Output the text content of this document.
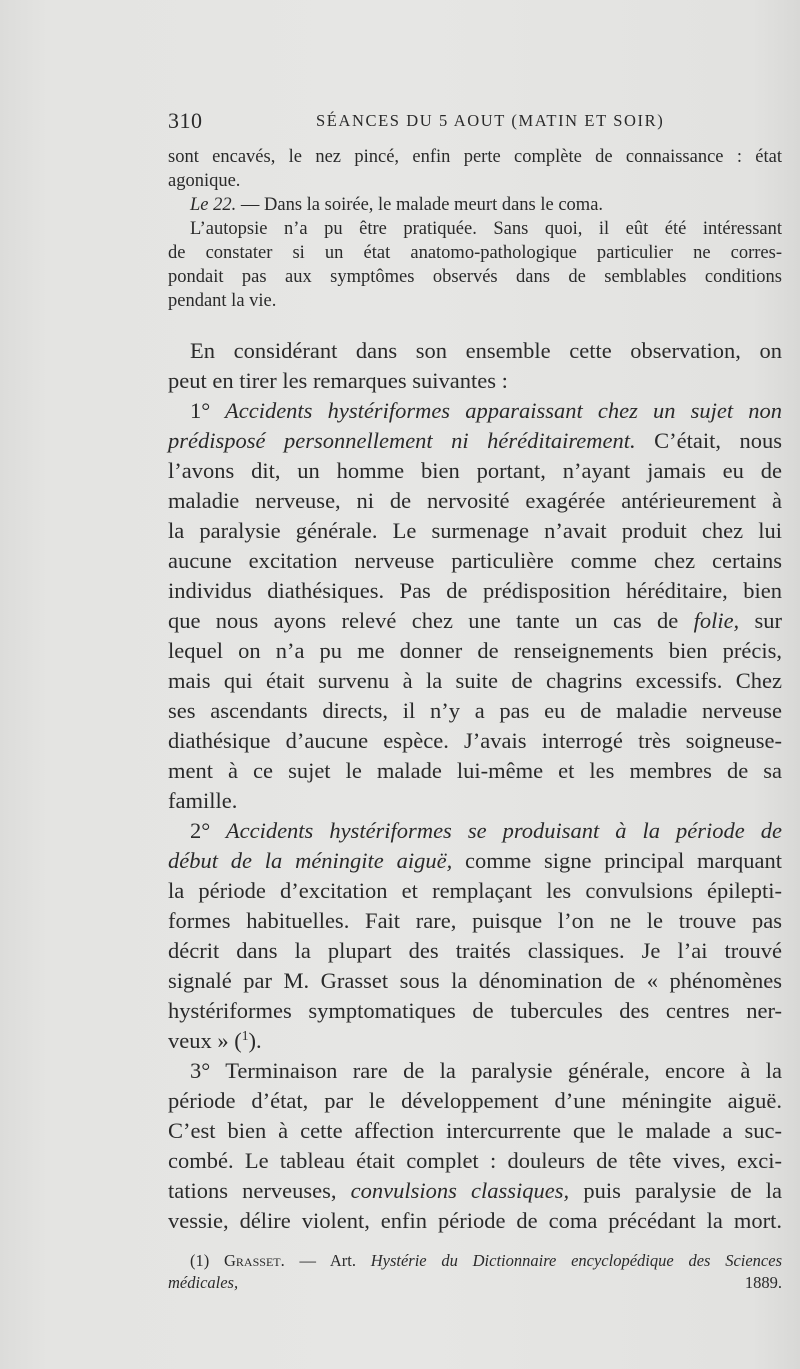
310	SÉANCES DU 5 AOUT (MATIN ET SOIR)
sont encavés, le nez pincé, enfin perte complète de connaissance : état
agonique.
Le 22. — Dans la soirée, le malade meurt dans le coma.
L’autopsie n’a pu être pratiquée. Sans quoi, il eût été intéressant
de constater si un état anatomo-pathologique particulier ne corres-
pondait pas aux symptômes observés dans de semblables conditions
pendant la vie.
En considérant dans son ensemble cette observation, on
peut en tirer les remarques suivantes :
1° Accidents hystériformes apparaissant chez un sujet non
prédisposé personnellement ni héréditairement. C’était, nous
l’avons dit, un homme bien portant, n’ayant jamais eu de
maladie nerveuse, ni de nervosité exagérée antérieurement à
la paralysie générale. Le surmenage n’avait produit chez lui
aucune excitation nerveuse particulière comme chez certains
individus diathésiques. Pas de prédisposition héréditaire, bien
que nous ayons relevé chez une tante un cas de folie, sur
lequel on n’a pu me donner de renseignements bien précis,
mais qui était survenu à la suite de chagrins excessifs. Chez
ses ascendants directs, il n’y a pas eu de maladie nerveuse
diathésique d’aucune espèce. J’avais interrogé très soigneuse-
ment à ce sujet le malade lui-même et les membres de sa
famille.
2° Accidents hystériformes se produisant à la période de
début de la méningite aiguë, comme signe principal marquant
la période d’excitation et remplaçant les convulsions épilepti-
formes habituelles. Fait rare, puisque l’on ne le trouve pas
décrit dans la plupart des traités classiques. Je l’ai trouvé
signalé par M. Grasset sous la dénomination de « phénomènes
hystériformes symptomatiques de tubercules des centres ner-
veux » ($^1$).
3° Terminaison rare de la paralysie générale, encore à la
période d’état, par le développement d’une méningite aiguë.
C’est bien à cette affection intercurrente que le malade a suc-
combé. Le tableau était complet : douleurs de tête vives, exci-
tations nerveuses, convulsions classiques, puis paralysie de la
vessie, délire violent, enfin période de coma précédant la mort.
(1) Grasset. — Art. Hystérie du Dictionnaire encyclopédique des Sciences
médicales, 1889.
